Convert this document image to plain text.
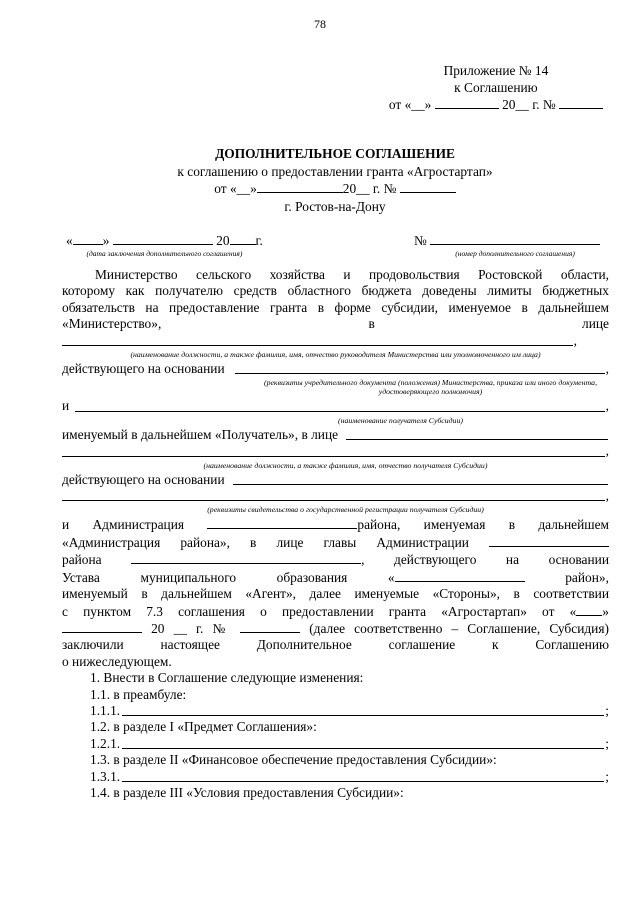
78
Приложение № 14
к Соглашению
от «__»	20__ г. №
ДОПОЛНИТЕЛЬНОЕ СОГЛАШЕНИЕ
к соглашению о предоставлении гранта «Агростартап»
от «__»	20__ г. №
г. Ростов-на-Дону
« »	20 г.
(дата заключения дополнительного соглашения)
№
(номер дополнительного соглашения)
Министерство сельского хозяйства и продовольствия Ростовской области,
которому как получателю средств областного бюджета доведены лимиты бюджетных
обязательств на предоставление гранта в форме субсидии, именуемое в дальнейшем
«Министерство»,	в	лице
,
(наименование должности, а также фамилия, имя, отчество руководителя Министерства или уполномоченного им лица)
действующего на основании	,
(реквизиты учредительного документа (положения) Министерства, приказа или иного документа, удостоверяющего полномочия)
и	,
(наименование получателя Субсидии)
именуемый в дальнейшем «Получатель», в лице
,
(наименование должности, а также фамилия, имя, отчество получателя Субсидии)
действующего на основании
,
(реквизиты свидетельства о государственной регистрации получателя Субсидии)
и Администрация	района, именуемая в дальнейшем
«Администрация района», в лице главы Администрации
района	, действующего на основании
Устава	муниципального	образования	«	район»,
именуемый в дальнейшем «Агент», далее именуемые «Стороны», в соответствии
с пунктом 7.3 соглашения о предоставлении гранта «Агростартап» от « »
20 __ г. №	(далее соответственно – Соглашение, Субсидия)
заключили	настоящее	Дополнительное	соглашение	к	Соглашению
о нижеследующем.
1. Внести в Соглашение следующие изменения:
1.1. в преамбуле:
1.1.1.	;
1.2. в разделе I «Предмет Соглашения»:
1.2.1.	;
1.3. в разделе II «Финансовое обеспечение предоставления Субсидии»:
1.3.1.	;
1.4. в разделе III «Условия предоставления Субсидии»:
